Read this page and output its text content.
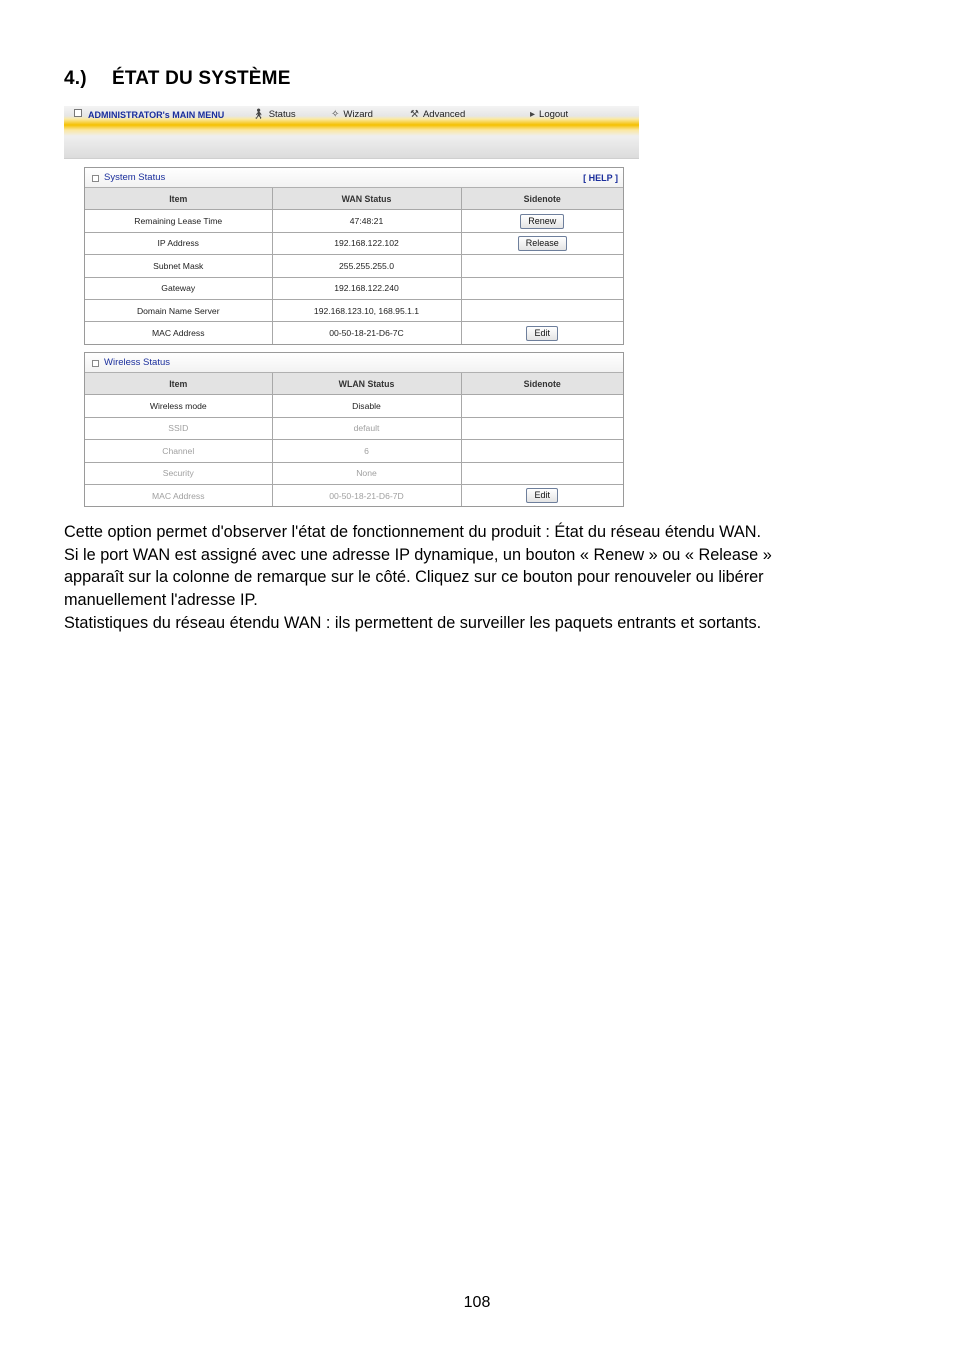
4.) ÉTAT DU SYSTÈME
ADMINISTRATOR's MAIN MENU	🚶︎ Status	✧ Wizard	⚒ Advanced	▸ Logout
System Status	[ HELP ]
Item	WAN Status	Sidenote
Remaining Lease Time	47:48:21	Renew
IP Address	192.168.122.102	Release
Subnet Mask	255.255.255.0	
Gateway	192.168.122.240	
Domain Name Server	192.168.123.10, 168.95.1.1	
MAC Address	00-50-18-21-D6-7C	Edit
Wireless Status
Item	WLAN Status	Sidenote
Wireless mode	Disable	
SSID	default	
Channel	6	
Security	None	
MAC Address	00-50-18-21-D6-7D	Edit

Cette option permet d'observer l'état de fonctionnement du produit : État du réseau étendu WAN.

Si le port WAN est assigné avec une adresse IP dynamique, un bouton « Renew » ou « Release »

apparaît sur la colonne de remarque sur le côté. Cliquez sur ce bouton pour renouveler ou libérer

manuellement l'adresse IP.

Statistiques du réseau étendu WAN : ils permettent de surveiller les paquets entrants et sortants.

108
